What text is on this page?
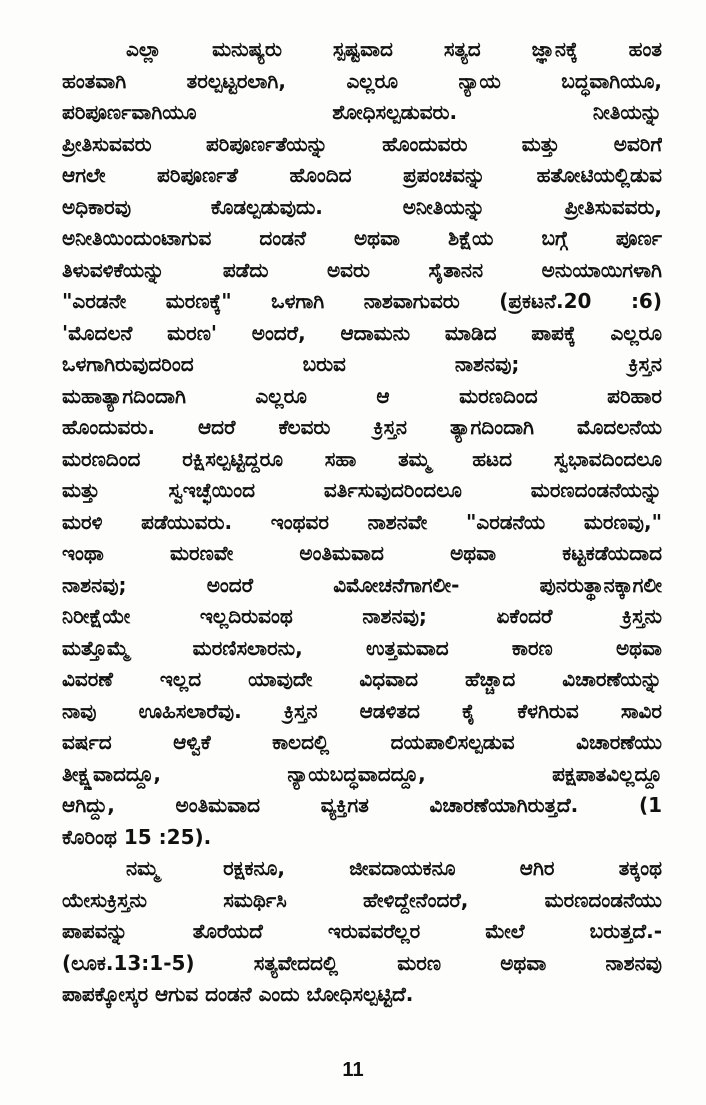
ಎಲ್ಲಾ ಮನುಷ್ಯರು ಸ್ಪಷ್ಟವಾದ ಸತ್ಯದ ಜ್ಞಾನಕ್ಕೆ ಹಂತ
ಹಂತವಾಗಿ ತರಲ್ಪಟ್ಟರಲಾಗಿ, ಎಲ್ಲರೂ ನ್ಯಾಯ ಬದ್ಧವಾಗಿಯೂ,
ಪರಿಪೂರ್ಣವಾಗಿಯೂ ಶೋಧಿಸಲ್ಪಡುವರು. ನೀತಿಯನ್ನು
ಪ್ರೀತಿಸುವವರು ಪರಿಪೂರ್ಣತೆಯನ್ನು ಹೊಂದುವರು ಮತ್ತು ಅವರಿಗೆ
ಆಗಲೇ ಪರಿಪೂರ್ಣತೆ ಹೊಂದಿದ ಪ್ರಪಂಚವನ್ನು ಹತೋಟಿಯಲ್ಲಿಡುವ
ಅಧಿಕಾರವು ಕೊಡಲ್ಪಡುವುದು. ಅನೀತಿಯನ್ನು ಪ್ರೀತಿಸುವವರು,
ಅನೀತಿಯಿಂದುಂಟಾಗುವ ದಂಡನೆ ಅಥವಾ ಶಿಕ್ಷೆಯ ಬಗ್ಗೆ ಪೂರ್ಣ
ತಿಳುವಳಿಕೆಯನ್ನು ಪಡೆದು ಅವರು ಸೈತಾನನ ಅನುಯಾಯಿಗಳಾಗಿ
"ಎರಡನೇ ಮರಣಕ್ಕೆ" ಒಳಗಾಗಿ ನಾಶವಾಗುವರು (ಪ್ರಕಟನೆ.20 :6)
'ಮೊದಲನೆ ಮರಣ' ಅಂದರೆ, ಆದಾಮನು ಮಾಡಿದ ಪಾಪಕ್ಕೆ ಎಲ್ಲರೂ
ಒಳಗಾಗಿರುವುದರಿಂದ ಬರುವ ನಾಶನವು; ಕ್ರಿಸ್ತನ
ಮಹಾತ್ಯಾಗದಿಂದಾಗಿ ಎಲ್ಲರೂ ಆ ಮರಣದಿಂದ ಪರಿಹಾರ
ಹೊಂದುವರು. ಆದರೆ ಕೆಲವರು ಕ್ರಿಸ್ತನ ತ್ಯಾಗದಿಂದಾಗಿ ಮೊದಲನೆಯ
ಮರಣದಿಂದ ರಕ್ಷಿಸಲ್ಪಟ್ಟಿದ್ದರೂ ಸಹಾ ತಮ್ಮ ಹಟದ ಸ್ವಭಾವದಿಂದಲೂ
ಮತ್ತು ಸ್ವಇಚ್ಛೆಯಿಂದ ವರ್ತಿಸುವುದರಿಂದಲೂ ಮರಣದಂಡನೆಯನ್ನು
ಮರಳಿ ಪಡೆಯುವರು. ಇಂಥವರ ನಾಶನವೇ "ಎರಡನೆಯ ಮರಣವು,"
ಇಂಥಾ ಮರಣವೇ ಅಂತಿಮವಾದ ಅಥವಾ ಕಟ್ಟಕಡೆಯದಾದ
ನಾಶನವು; ಅಂದರೆ ವಿಮೋಚನೆಗಾಗಲೀ- ಪುನರುತ್ಥಾನಕ್ಕಾಗಲೀ
ನಿರೀಕ್ಷೆಯೇ ಇಲ್ಲದಿರುವಂಥ ನಾಶನವು; ಏಕೆಂದರೆ ಕ್ರಿಸ್ತನು
ಮತ್ತೊಮ್ಮೆ ಮರಣಿಸಲಾರನು, ಉತ್ತಮವಾದ ಕಾರಣ ಅಥವಾ
ವಿವರಣೆ ಇಲ್ಲದ ಯಾವುದೇ ವಿಧವಾದ ಹೆಚ್ಚಾದ ವಿಚಾರಣೆಯನ್ನು
ನಾವು ಊಹಿಸಲಾರೆವು. ಕ್ರಿಸ್ತನ ಆಡಳಿತದ ಕೈ ಕೆಳಗಿರುವ ಸಾವಿರ
ವರ್ಷದ ಆಳ್ವಿಕೆ ಕಾಲದಲ್ಲಿ ದಯಪಾಲಿಸಲ್ಪಡುವ ವಿಚಾರಣೆಯು
ತೀಕ್ಷ್ಣವಾದದ್ದೂ, ನ್ಯಾಯಬದ್ಧವಾದದ್ದೂ, ಪಕ್ಷಪಾತವಿಲ್ಲದ್ದೂ
ಆಗಿದ್ದು, ಅಂತಿಮವಾದ ವ್ಯಕ್ತಿಗತ ವಿಚಾರಣೆಯಾಗಿರುತ್ತದೆ. (1
ಕೊರಿಂಥ 15 :25).
ನಮ್ಮ ರಕ್ಷಕನೂ, ಜೀವದಾಯಕನೂ ಆಗಿರ ತಕ್ಕಂಥ
ಯೇಸುಕ್ರಿಸ್ತನು ಸಮರ್ಥಿಸಿ ಹೇಳಿದ್ದೇನೆಂದರೆ, ಮರಣದಂಡನೆಯು
ಪಾಪವನ್ನು ತೊರೆಯದೆ ಇರುವವರೆಲ್ಲರ ಮೇಲೆ ಬರುತ್ತದೆ.-
(ಲೂಕ.13:1-5) ಸತ್ಯವೇದದಲ್ಲಿ ಮರಣ ಅಥವಾ ನಾಶನವು
ಪಾಪಕ್ಕೋಸ್ಕರ ಆಗುವ ದಂಡನೆ ಎಂದು ಬೋಧಿಸಲ್ಪಟ್ಟಿದೆ.
11
